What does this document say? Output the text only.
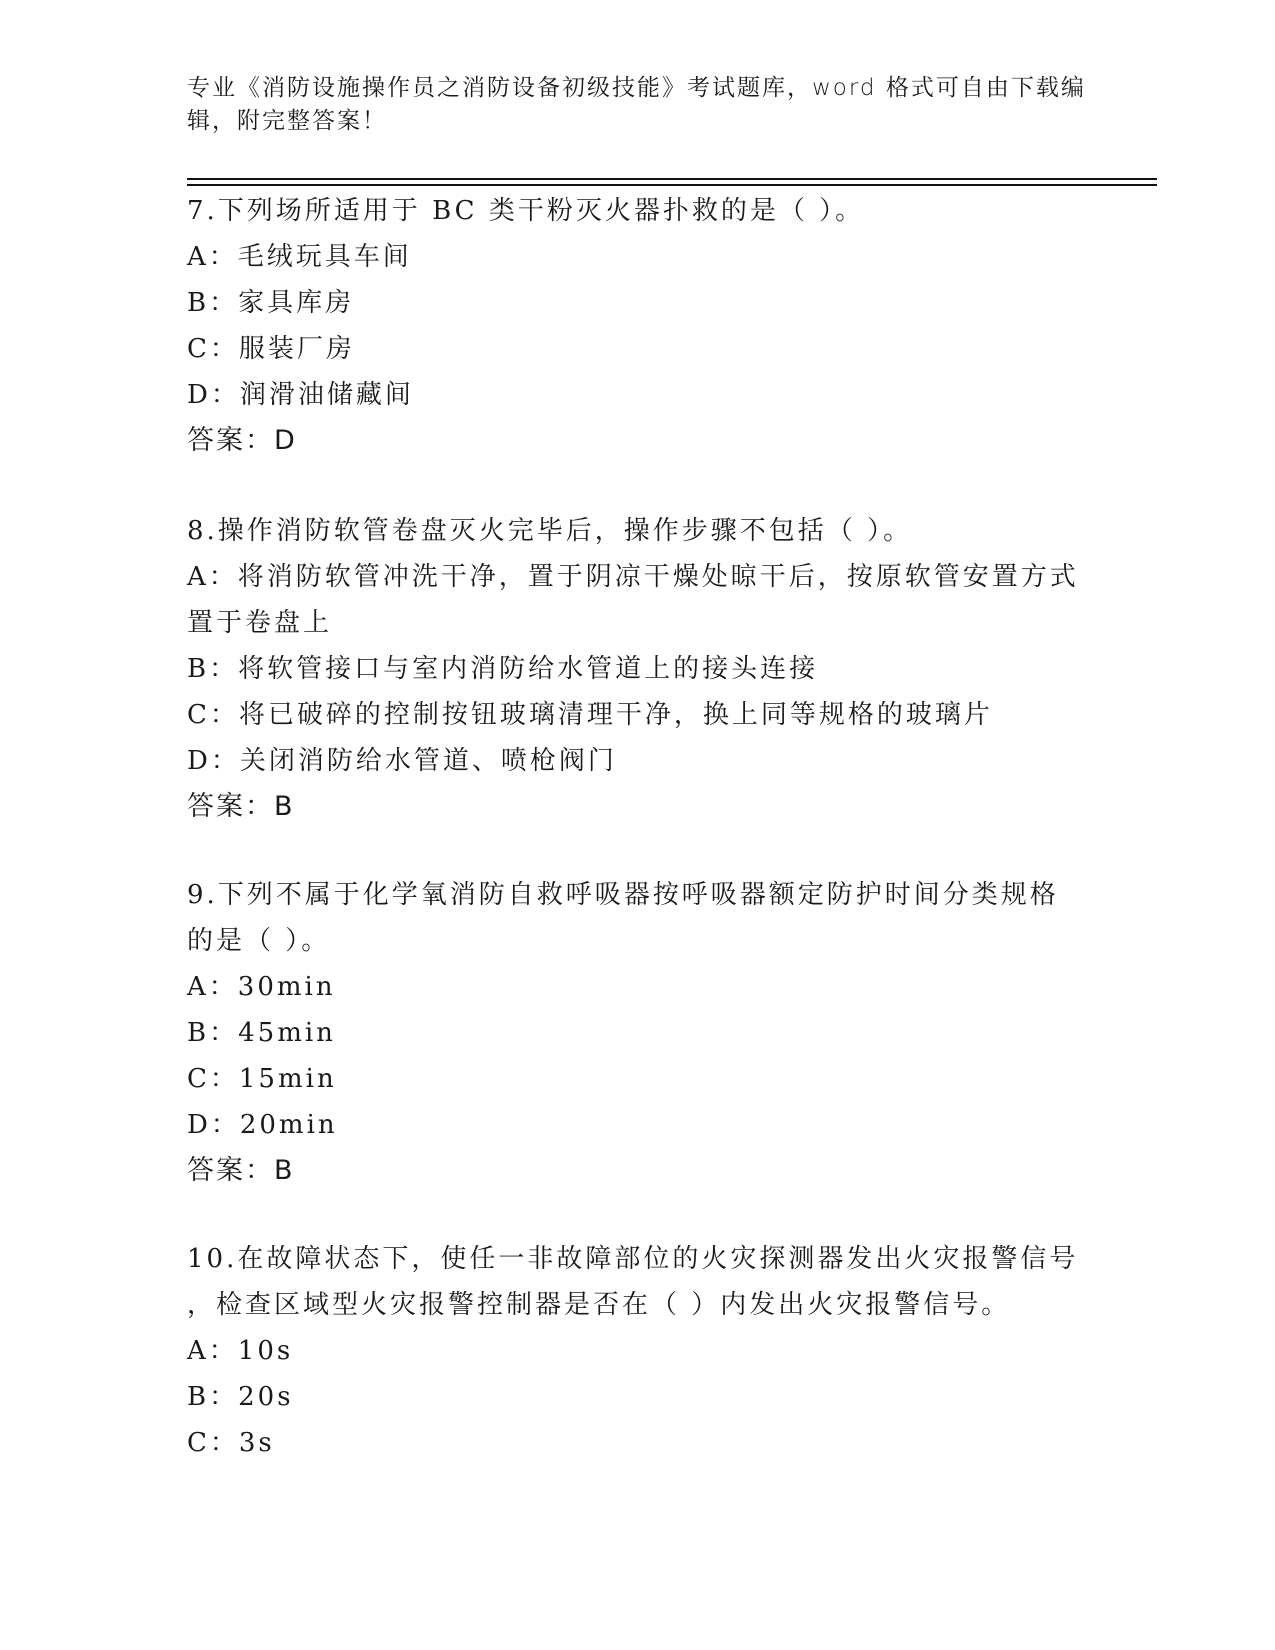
专业《消防设施操作员之消防设备初级技能》考试题库，word 格式可自由下载编
辑，附完整答案！
7.下列场所适用于 BC 类干粉灭火器扑救的是（ ）。
A：毛绒玩具车间
B：家具库房
C：服装厂房
D：润滑油储藏间
答案：D
8.操作消防软管卷盘灭火完毕后，操作步骤不包括（ ）。
A：将消防软管冲洗干净，置于阴凉干燥处晾干后，按原软管安置方式
置于卷盘上
B：将软管接口与室内消防给水管道上的接头连接
C：将已破碎的控制按钮玻璃清理干净，换上同等规格的玻璃片
D：关闭消防给水管道、喷枪阀门
答案：B
9.下列不属于化学氧消防自救呼吸器按呼吸器额定防护时间分类规格
的是（ ）。
A：30min
B：45min
C：15min
D：20min
答案：B
10.在故障状态下，使任一非故障部位的火灾探测器发出火灾报警信号
，检查区域型火灾报警控制器是否在（ ）内发出火灾报警信号。
A：10s
B：20s
C：3s
